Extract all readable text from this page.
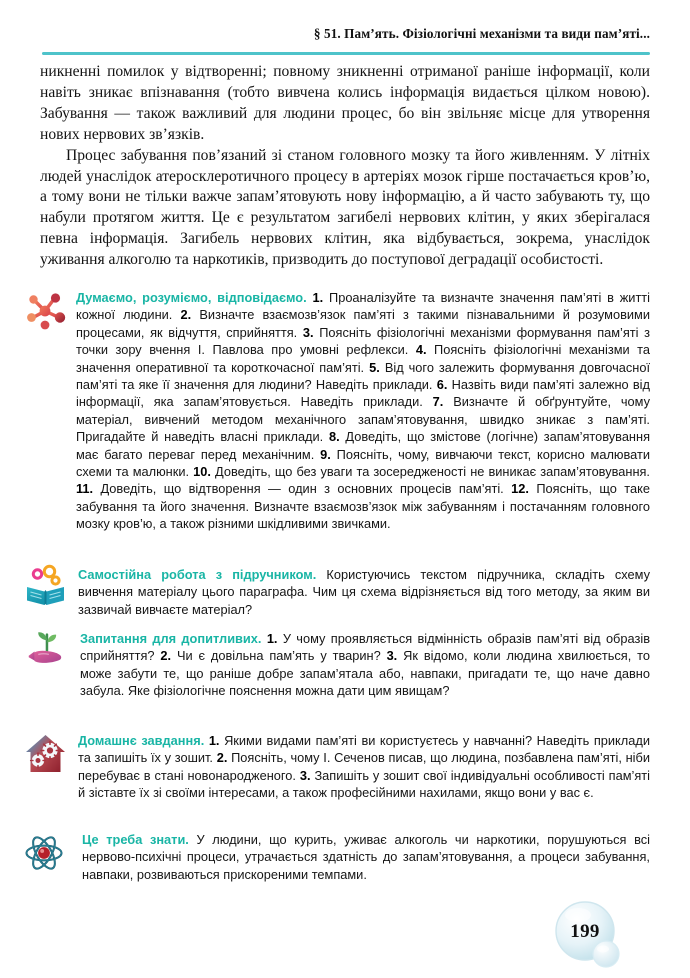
§ 51. Пам’ять. Фізіологічні механізми та види пам’яті...

никненні помилок у відтворенні; повному зникненні отриманої раніше інформації, коли навіть зникає впізнавання (тобто вивчена колись інформація видається цілком новою). Забування — також важливий для людини процес, бо він звільняє місце для утворення нових нервових зв’язків.

Процес забування пов’язаний зі станом головного мозку та його живленням. У літніх людей унаслідок атеросклеротичного процесу в артеріях мозок гірше постачається кров’ю, а тому вони не тільки важче запам’ятовують нову інформацію, а й часто забувають ту, що набули протягом життя. Це є результатом загибелі нервових клітин, у яких зберігалася певна інформація. Загибель нервових клітин, яка відбувається, зокрема, унаслідок уживання алкоголю та наркотиків, призводить до поступової деградації особистості.

Думаємо, розуміємо, відповідаємо. 1. Проаналізуйте та визначте значення пам’яті в житті кожної людини. 2. Визначте взаємозв’язок пам’яті з такими пізнавальними й розумовими процесами, як відчуття, сприйняття. 3. Поясніть фізіологічні механізми формування пам’яті з точки зору вчення І. Павлова про умовні рефлекси. 4. Поясніть фізіологічні механізми та значення оперативної та короткочасної пам’яті. 5. Від чого залежить формування довгочасної пам’яті та яке її значення для людини? Наведіть приклади. 6. Назвіть види пам’яті залежно від інформації, яка запам’ятовується. Наведіть приклади. 7. Визначте й обґрунтуйте, чому матеріал, вивчений методом механічного запам’ятовування, швидко зникає з пам’яті. Пригадайте й наведіть власні приклади. 8. Доведіть, що змістове (логічне) запам’ятовування має багато переваг перед механічним. 9. Поясніть, чому, вивчаючи текст, корисно малювати схеми та малюнки. 10. Доведіть, що без уваги та зосередженості не виникає запам’ятовування. 11. Доведіть, що відтворення — один з основних процесів пам’яті. 12. Поясніть, що таке забування та його значення. Визначте взаємозв’язок між забуванням і постачанням головного мозку кров’ю, а також різними шкідливими звичками.
Самостійна робота з підручником. Користуючись текстом підручника, складіть схему вивчення матеріалу цього параграфа. Чим ця схема відрізняється від того методу, за яким ви зазвичай вивчаєте матеріал?
Запитання для допитливих. 1. У чому проявляється відмінність образів пам’яті від образів сприйняття? 2. Чи є довільна пам’ять у тварин? 3. Як відомо, коли людина хвилюється, то може забути те, що раніше добре запам’ятала або, навпаки, пригадати те, що наче давно забула. Яке фізіологічне пояснення можна дати цим явищам?
Домашнє завдання. 1. Якими видами пам’яті ви користуєтесь у навчанні? Наведіть приклади та запишіть їх у зошит. 2. Поясніть, чому І. Сеченов писав, що людина, позбавлена пам’яті, ніби перебуває в стані новонародженого. 3. Запишіть у зошит свої індивідуальні особливості пам’яті й зіставте їх зі своїми інтересами, а також професійними нахилами, якщо вони у вас є.
Це треба знати. У людини, що курить, уживає алкоголь чи наркотики, порушуються всі нервово-психічні процеси, утрачається здатність до запам’ятовування, а процеси забування, навпаки, розвиваються прискореними темпами.
199
